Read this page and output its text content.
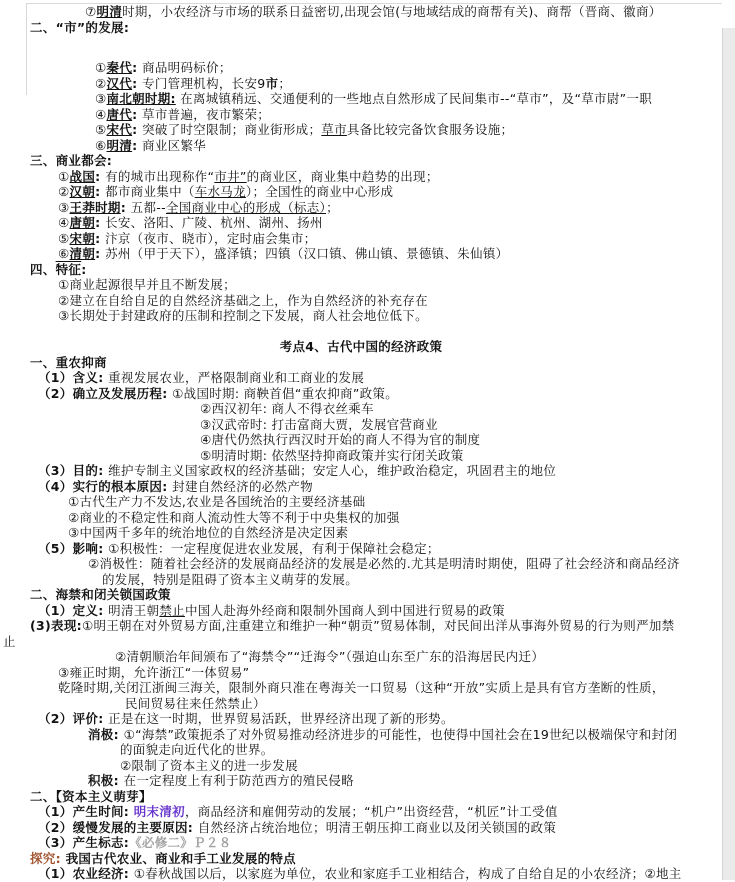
⑦明清时期，小农经济与市场的联系日益密切,出现会馆(与地域结成的商帮有关)、商帮（晋商、徽商）
二、“市”的发展:
①秦代: 商品明码标价；
②汉代: 专门管理机构，长安9市；
③南北朝时期: 在离城镇稍远、交通便利的一些地点自然形成了民间集市--“草市”，及“草市尉”一职
④唐代: 草市普遍，夜市繁荣；
⑤宋代: 突破了时空限制；商业街形成；草市具备比较完备饮食服务设施；
⑥明清: 商业区繁华
三、商业都会:
①战国: 有的城市出现称作“市井”的商业区，商业集中趋势的出现；
②汉朝: 都市商业集中（车水马龙）；全国性的商业中心形成
③王莽时期: 五都--全国商业中心的形成（标志）；
④唐朝: 长安、洛阳、广陵、杭州、湖州、扬州
⑤宋朝: 汴京（夜市、晓市），定时庙会集市；
⑥清朝: 苏州（甲于天下），盛泽镇；四镇（汉口镇、佛山镇、景德镇、朱仙镇）
四、特征:
①商业起源很早并且不断发展；
②建立在自给自足的自然经济基础之上，作为自然经济的补充存在
③长期处于封建政府的压制和控制之下发展，商人社会地位低下。
考点4、古代中国的经济政策
一、重农抑商
（1）含义: 重视发展农业，严格限制商业和工商业的发展
（2）确立及发展历程: ①战国时期: 商鞅首倡“重农抑商”政策。
②西汉初年: 商人不得衣丝乘车
③汉武帝时: 打击富商大贾，发展官营商业
④唐代仍然执行西汉时开始的商人不得为官的制度
⑤明清时期: 依然坚持抑商政策并实行闭关政策
（3）目的: 维护专制主义国家政权的经济基础；安定人心，维护政治稳定，巩固君主的地位
（4）实行的根本原因: 封建自然经济的必然产物
①古代生产力不发达,农业是各国统治的主要经济基础
②商业的不稳定性和商人流动性大等不利于中央集权的加强
③中国两千多年的统治地位的自然经济是决定因素
（5）影响: ①积极性：一定程度促进农业发展，有利于保障社会稳定；
②消极性：随着社会经济的发展商品经济的发展是必然的.尤其是明清时期使，阻碍了社会经济和商品经济
的发展，特别是阻碍了资本主义萌芽的发展。
二、海禁和闭关锁国政策
（1）定义: 明清王朝禁止中国人赴海外经商和限制外国商人到中国进行贸易的政策
(3)表现:①明王朝在对外贸易方面,注重建立和维护一种“朝贡”贸易体制，对民间出洋从事海外贸易的行为则严加禁
止
②清朝顺治年间颁布了“海禁令”“迁海令”（强迫山东至广东的沿海居民内迁）
③雍正时期，允许浙江“一体贸易”
乾隆时期,关闭江浙闽三海关，限制外商只准在粤海关一口贸易（这种“开放”实质上是具有官方垄断的性质，
民间贸易往来任然禁止）
（2）评价: 正是在这一时期，世界贸易活跃，世界经济出现了新的形势。
消极: ①“海禁”政策扼杀了对外贸易推动经济进步的可能性，也使得中国社会在19世纪以极端保守和封闭
的面貌走向近代化的世界。
②限制了资本主义的进一步发展
积极: 在一定程度上有利于防范西方的殖民侵略
二、【资本主义萌芽】
（1）产生时间: 明末清初，商品经济和雇佣劳动的发展；“机户”出资经营，“机匠”计工受值
（2）缓慢发展的主要原因: 自然经济占统治地位；明清王朝压抑工商业以及闭关锁国的政策
（3）产生标志:《必修二》Ｐ２８
探究: 我国古代农业、商业和手工业发展的特点
（1）农业经济: ①春秋战国以后，以家庭为单位，农业和家庭手工业相结合，构成了自给自足的小农经济；②地主
